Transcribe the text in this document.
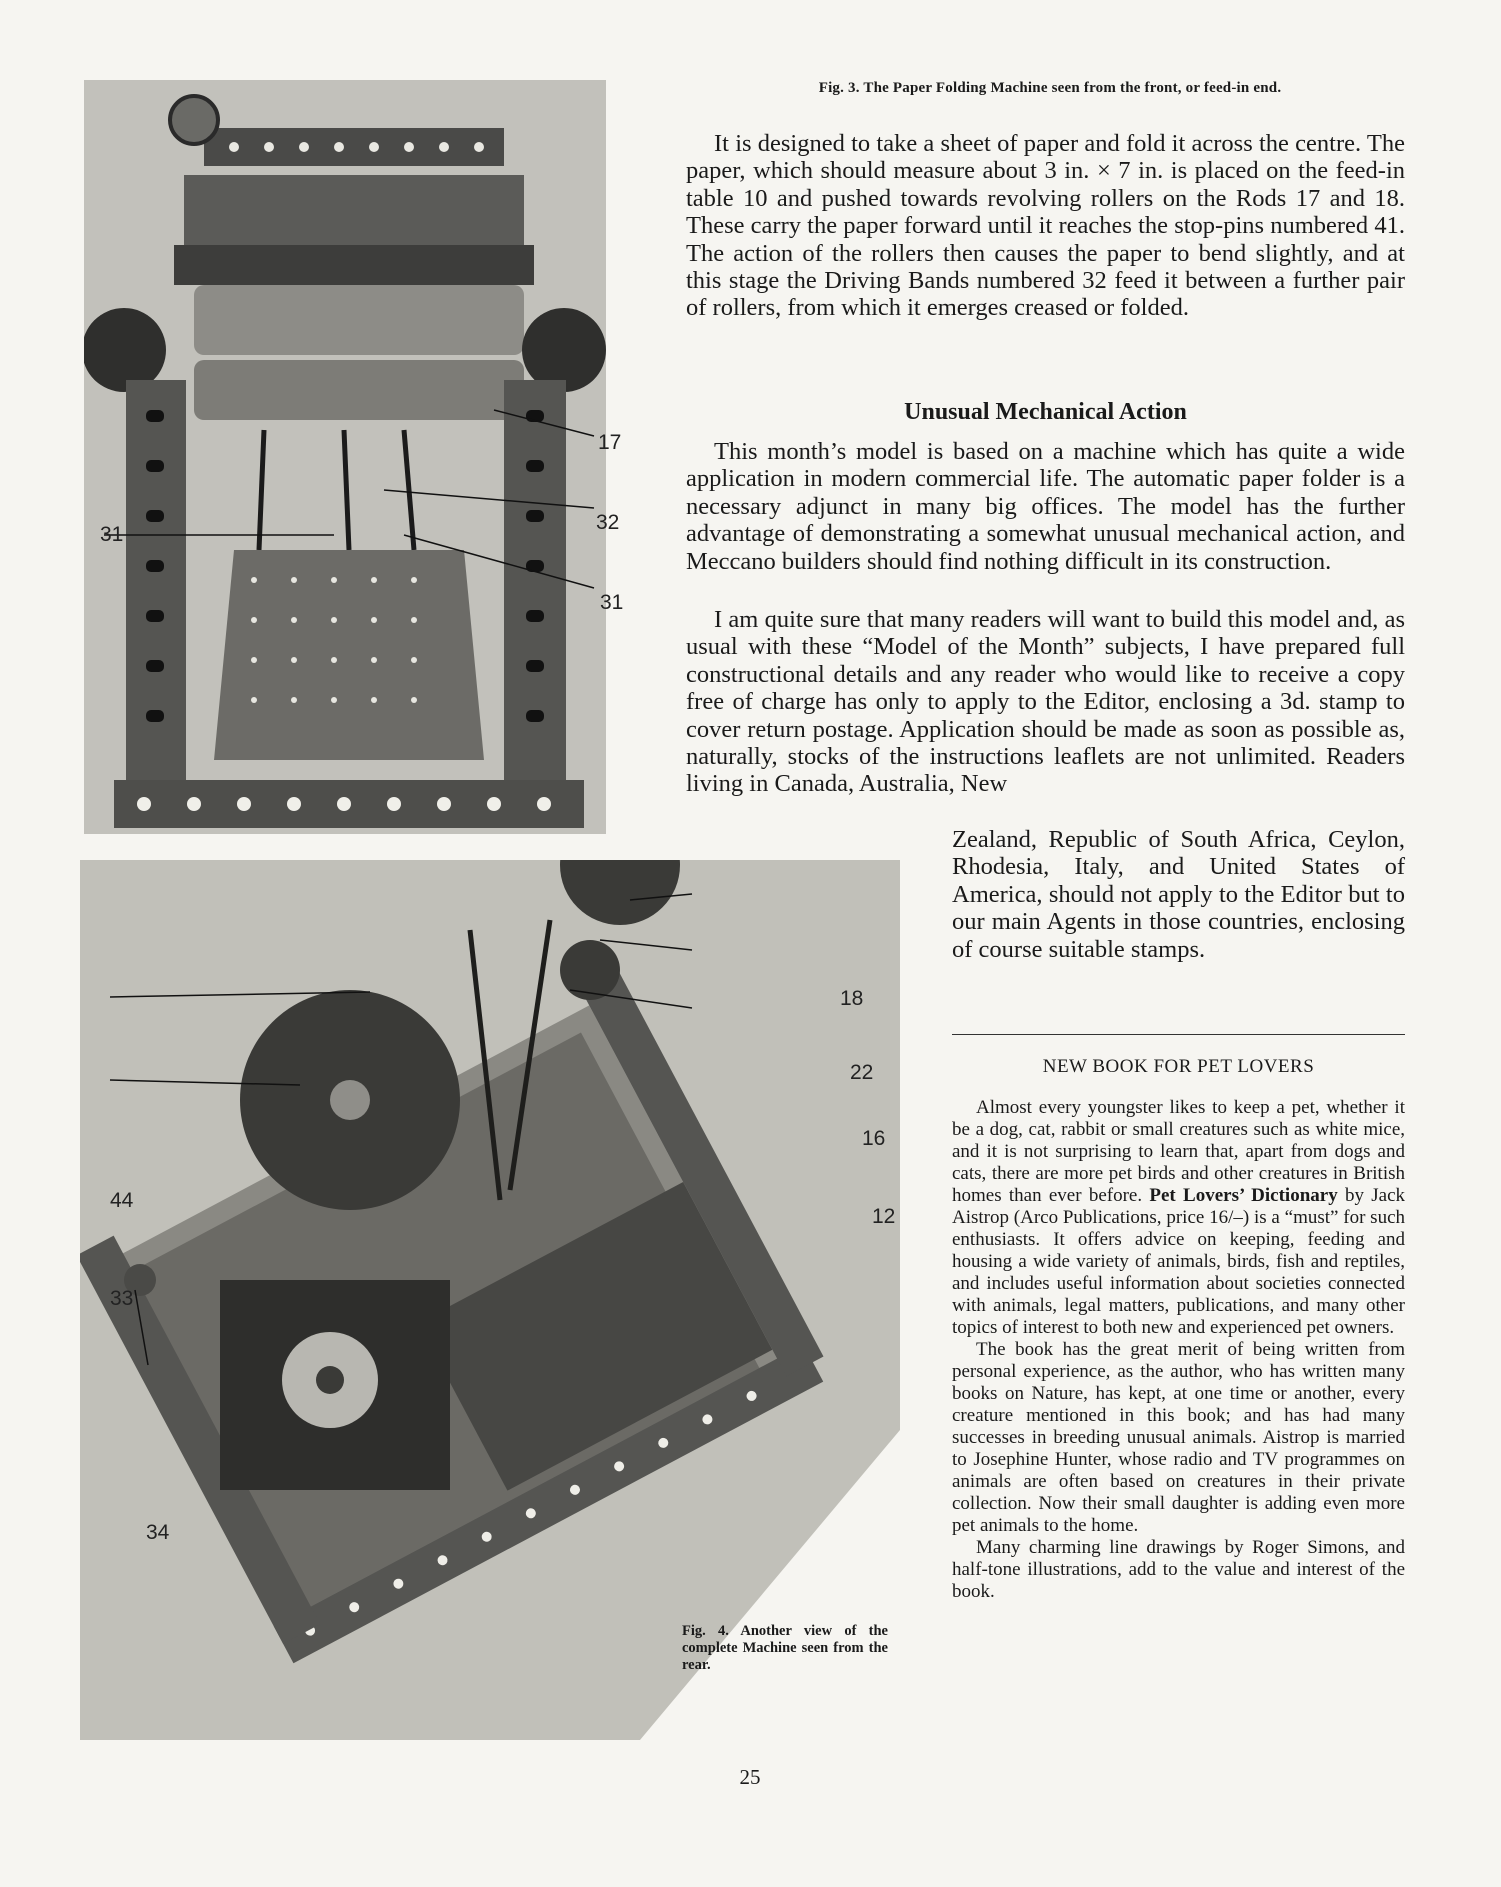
17
32
31
31
Fig. 3. The Paper Folding Machine seen from the front, or feed-in end.

It is designed to take a sheet of paper and fold it across the centre. The paper, which should measure about 3 in. × 7 in. is placed on the feed-in table 10 and pushed towards revolving rollers on the Rods 17 and 18. These carry the paper forward until it reaches the stop-pins numbered 41. The action of the rollers then causes the paper to bend slightly, and at this stage the Driving Bands numbered 32 feed it between a further pair of rollers, from which it emerges creased or folded.

Unusual Mechanical Action

This month’s model is based on a machine which has quite a wide application in modern commercial life. The automatic paper folder is a necessary adjunct in many big offices. The model has the further advantage of demonstrating a somewhat unusual mechanical action, and Meccano builders should find nothing difficult in its construction.

I am quite sure that many readers will want to build this model and, as usual with these “Model of the Month” subjects, I have prepared full constructional details and any reader who would like to receive a copy free of charge has only to apply to the Editor, enclosing a 3d. stamp to cover return postage. Application should be made as soon as possible as, naturally, stocks of the instructions leaflets are not unlimited. Readers living in Canada, Australia, New

Zealand, Republic of South Africa, Ceylon, Rhodesia, Italy, and United States of America, should not apply to the Editor but to our main Agents in those countries, enclosing of course suitable stamps.
18
22
16
12
44
33
34
Fig. 4. Another view of the complete Machine seen from the rear.
NEW BOOK FOR PET LOVERS

Almost every youngster likes to keep a pet, whether it be a dog, cat, rabbit or small creatures such as white mice, and it is not surprising to learn that, apart from dogs and cats, there are more pet birds and other creatures in British homes than ever before. Pet Lovers’ Dictionary by Jack Aistrop (Arco Publications, price 16/–) is a “must” for such enthusiasts. It offers advice on keeping, feeding and housing a wide variety of animals, birds, fish and reptiles, and includes useful information about societies connected with animals, legal matters, publications, and many other topics of interest to both new and experienced pet owners.

The book has the great merit of being written from personal experience, as the author, who has written many books on Nature, has kept, at one time or another, every creature mentioned in this book; and has had many successes in breeding unusual animals. Aistrop is married to Josephine Hunter, whose radio and TV programmes on animals are often based on creatures in their private collection. Now their small daughter is adding even more pet animals to the home.

Many charming line drawings by Roger Simons, and half-tone illustrations, add to the value and interest of the book.

25
